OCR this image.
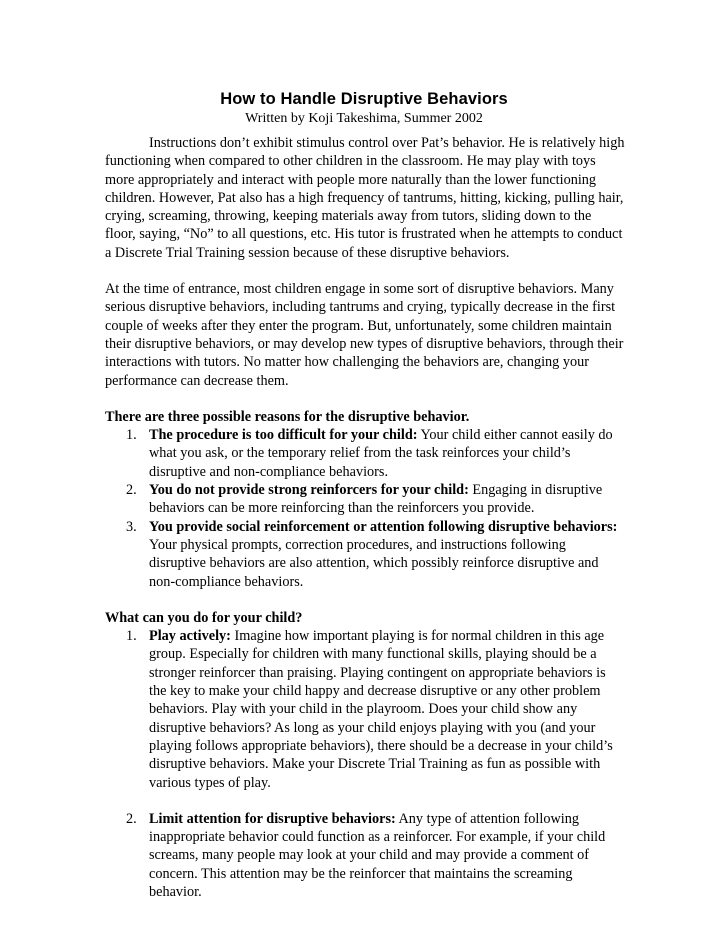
How to Handle Disruptive Behaviors
Written by Koji Takeshima, Summer 2002

Instructions don’t exhibit stimulus control over Pat’s behavior. He is relatively high functioning when compared to other children in the classroom. He may play with toys more appropriately and interact with people more naturally than the lower functioning children. However, Pat also has a high frequency of tantrums, hitting, kicking, pulling hair, crying, screaming, throwing, keeping materials away from tutors, sliding down to the floor, saying, “No” to all questions, etc. His tutor is frustrated when he attempts to conduct a Discrete Trial Training session because of these disruptive behaviors.

At the time of entrance, most children engage in some sort of disruptive behaviors. Many serious disruptive behaviors, including tantrums and crying, typically decrease in the first couple of weeks after they enter the program. But, unfortunately, some children maintain their disruptive behaviors, or may develop new types of disruptive behaviors, through their interactions with tutors. No matter how challenging the behaviors are, changing your performance can decrease them.

There are three possible reasons for the disruptive behavior.
1. The procedure is too difficult for your child: Your child either cannot easily do what you ask, or the temporary relief from the task reinforces your child’s disruptive and non-compliance behaviors.
2. You do not provide strong reinforcers for your child: Engaging in disruptive behaviors can be more reinforcing than the reinforcers you provide.
3. You provide social reinforcement or attention following disruptive behaviors: Your physical prompts, correction procedures, and instructions following disruptive behaviors are also attention, which possibly reinforce disruptive and non-compliance behaviors.
What can you do for your child?
1. Play actively: Imagine how important playing is for normal children in this age group. Especially for children with many functional skills, playing should be a stronger reinforcer than praising. Playing contingent on appropriate behaviors is the key to make your child happy and decrease disruptive or any other problem behaviors. Play with your child in the playroom. Does your child show any disruptive behaviors? As long as your child enjoys playing with you (and your playing follows appropriate behaviors), there should be a decrease in your child’s disruptive behaviors. Make your Discrete Trial Training as fun as possible with various types of play.
2. Limit attention for disruptive behaviors: Any type of attention following inappropriate behavior could function as a reinforcer. For example, if your child screams, many people may look at your child and may provide a comment of concern. This attention may be the reinforcer that maintains the screaming behavior.
